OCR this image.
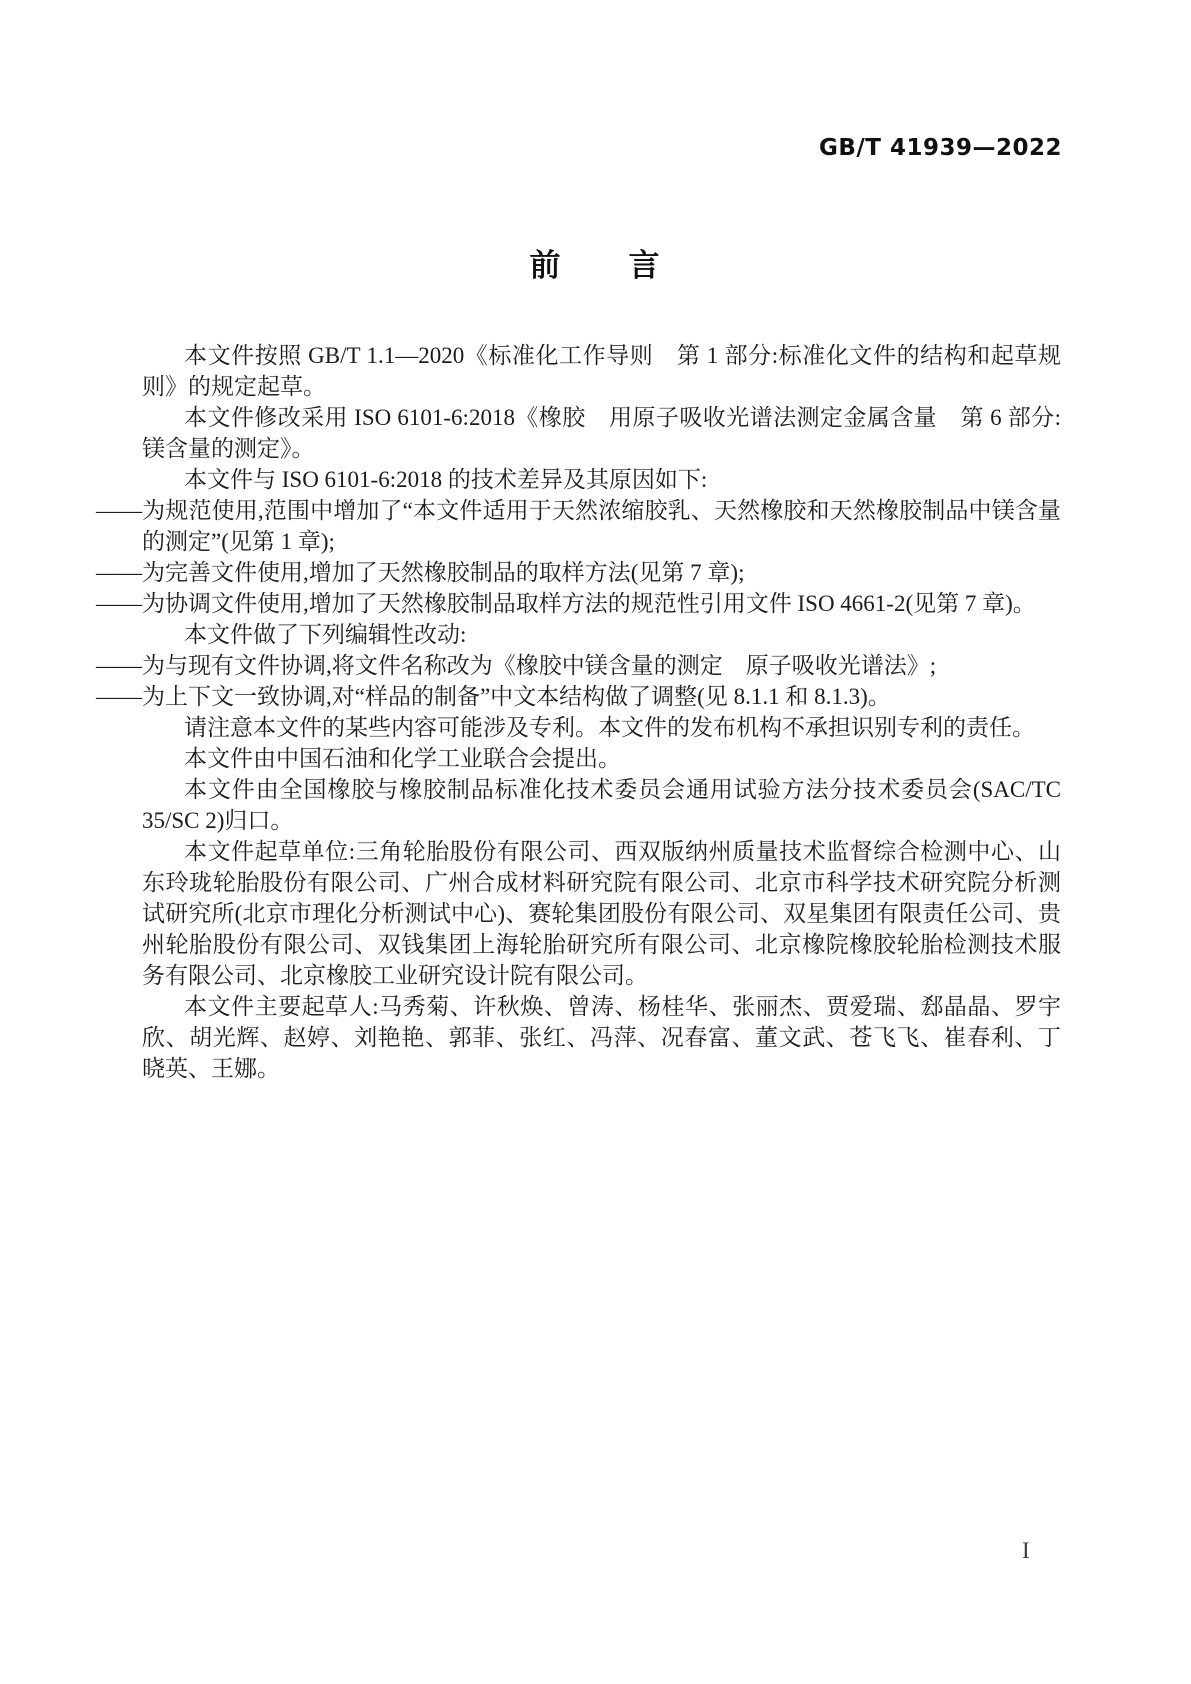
GB/T 41939—2022
前　　言

本文件按照 GB/T 1.1—2020《标准化工作导则　第 1 部分:标准化文件的结构和起草规则》的规定起草。

本文件修改采用 ISO 6101-6:2018《橡胶　用原子吸收光谱法测定金属含量　第 6 部分:镁含量的测定》。

本文件与 ISO 6101-6:2018 的技术差异及其原因如下:

——为规范使用,范围中增加了“本文件适用于天然浓缩胶乳、天然橡胶和天然橡胶制品中镁含量的测定”(见第 1 章);

——为完善文件使用,增加了天然橡胶制品的取样方法(见第 7 章);

——为协调文件使用,增加了天然橡胶制品取样方法的规范性引用文件 ISO 4661-2(见第 7 章)。

本文件做了下列编辑性改动:

——为与现有文件协调,将文件名称改为《橡胶中镁含量的测定　原子吸收光谱法》;

——为上下文一致协调,对“样品的制备”中文本结构做了调整(见 8.1.1 和 8.1.3)。

请注意本文件的某些内容可能涉及专利。本文件的发布机构不承担识别专利的责任。

本文件由中国石油和化学工业联合会提出。

本文件由全国橡胶与橡胶制品标准化技术委员会通用试验方法分技术委员会(SAC/TC 35/SC 2)归口。

本文件起草单位:三角轮胎股份有限公司、西双版纳州质量技术监督综合检测中心、山东玲珑轮胎股份有限公司、广州合成材料研究院有限公司、北京市科学技术研究院分析测试研究所(北京市理化分析测试中心)、赛轮集团股份有限公司、双星集团有限责任公司、贵州轮胎股份有限公司、双钱集团上海轮胎研究所有限公司、北京橡院橡胶轮胎检测技术服务有限公司、北京橡胶工业研究设计院有限公司。

本文件主要起草人:马秀菊、许秋焕、曾涛、杨桂华、张丽杰、贾爱瑞、郄晶晶、罗宇欣、胡光辉、赵婷、刘艳艳、郭菲、张红、冯萍、况春富、董文武、苍飞飞、崔春利、丁晓英、王娜。

I
